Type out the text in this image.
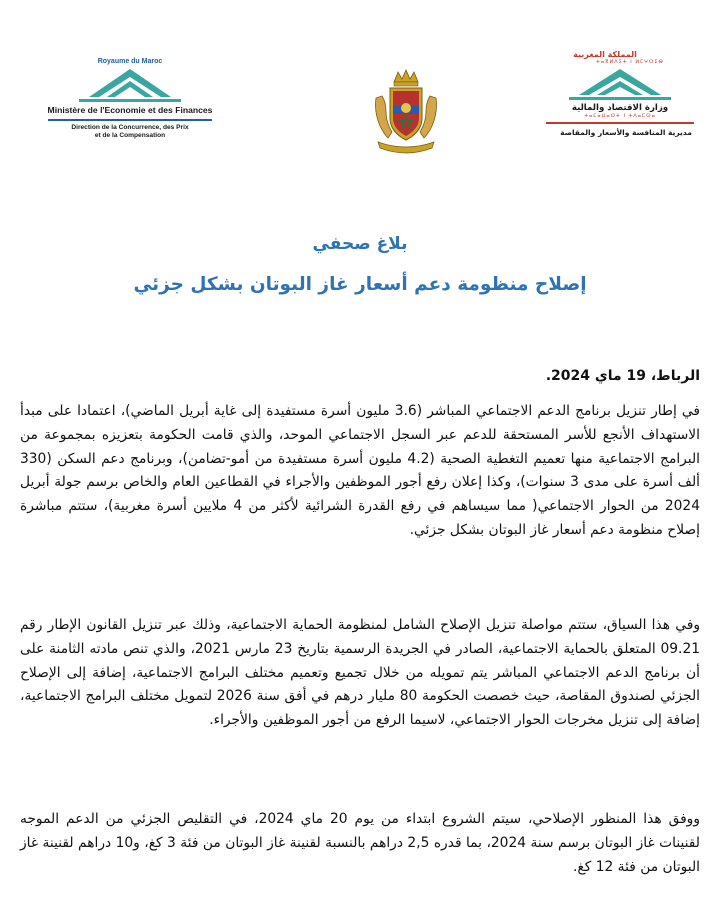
Royaume du Maroc
Ministère de l'Economie et des Finances
Direction de la Concurrence, des Prix
et de la Compensation
المملكة المغربية
ⵜⴰⴳⵍⴷⵉⵜ ⵏ ⵍⵎⵖⵔⵉⴱ
وزارة الاقتصاد والمالية
ⵜⴰⵎⴰⵡⴰⵙⵜ ⵏ ⵜⴷⴰⵎⵙⴰ
مديرية المنافسة والأسعار والمقاصة
بلاغ صحفي
إصلاح منظومة دعم أسعار غاز البوتان بشكل جزئي
الرباط، 19 ماي 2024.
في إطار تنزيل برنامج الدعم الاجتماعي المباشر (3.6 مليون أسرة مستفيدة إلى غاية أبريل الماضي)، اعتمادا على مبدأ الاستهداف الأنجع للأسر المستحقة للدعم عبر السجل الاجتماعي الموحد، والذي قامت الحكومة بتعزيزه بمجموعة من البرامج الاجتماعية منها تعميم التغطية الصحية (4.2 مليون أسرة مستفيدة من أمو-تضامن)، وبرنامج دعم السكن (330 ألف أسرة على مدى 3 سنوات)، وكذا إعلان رفع أجور الموظفين والأجراء في القطاعين العام والخاص برسم جولة أبريل 2024 من الحوار الاجتماعي( مما سيساهم في رفع القدرة الشرائية لأكثر من 4 ملايين أسرة مغربية)، ستتم مباشرة إصلاح منظومة دعم أسعار غاز البوتان بشكل جزئي.
وفي هذا السياق، ستتم مواصلة تنزيل الإصلاح الشامل لمنظومة الحماية الاجتماعية، وذلك عبر تنزيل القانون الإطار رقم 09.21 المتعلق بالحماية الاجتماعية، الصادر في الجريدة الرسمية بتاريخ 23 مارس 2021، والذي تنص مادته الثامنة على أن برنامج الدعم الاجتماعي المباشر يتم تمويله من خلال تجميع وتعميم مختلف البرامج الاجتماعية، إضافة إلى الإصلاح الجزئي لصندوق المقاصة، حيث خصصت الحكومة 80 مليار درهم في أفق سنة 2026 لتمويل مختلف البرامج الاجتماعية، إضافة إلى تنزيل مخرجات الحوار الاجتماعي، لاسيما الرفع من أجور الموظفين والأجراء.
ووفق هذا المنظور الإصلاحي، سيتم الشروع ابتداء من يوم 20 ماي 2024، في التقليص الجزئي من الدعم الموجه لقنينات غاز البوتان برسم سنة 2024، بما قدره 2,5 دراهم بالنسبة لقنينة غاز البوتان من فئة 3 كغ، و10 دراهم لقنينة غاز البوتان من فئة 12 كغ.
